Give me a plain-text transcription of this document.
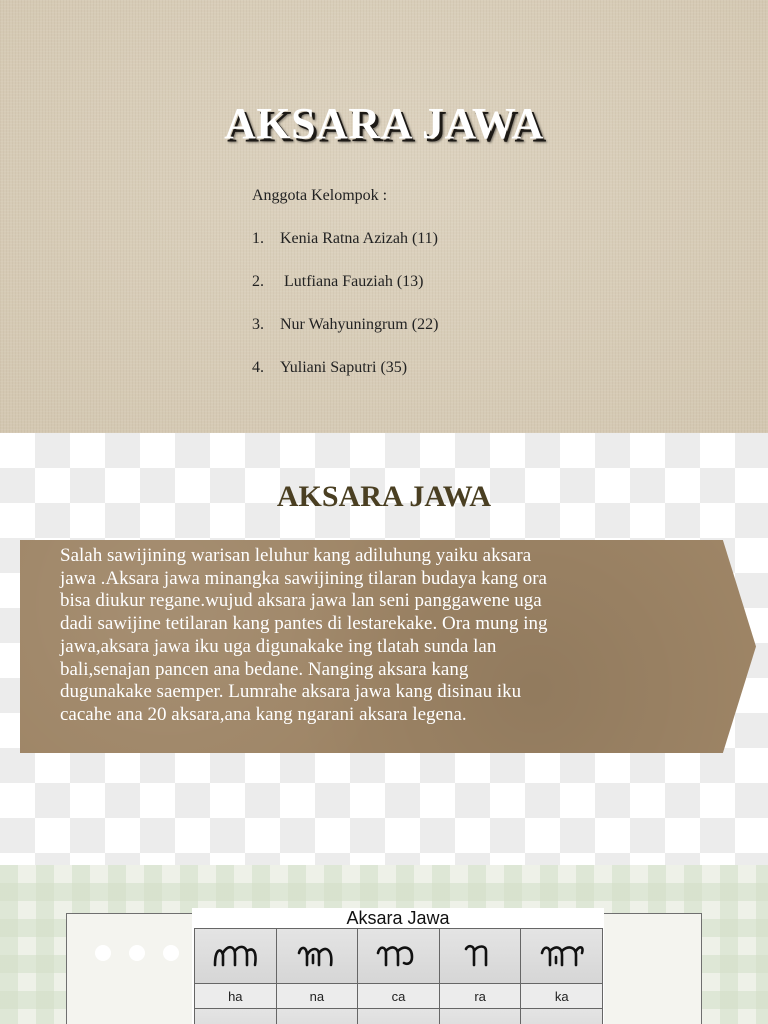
AKSARA JAWA
Anggota Kelompok :
1. Kenia Ratna Azizah (11)
2. Lutfiana Fauziah (13)
3. Nur Wahyuningrum (22)
4. Yuliani Saputri (35)
AKSARA JAWA

Salah sawijining warisan leluhur kang adiluhung yaiku aksara
jawa .Aksara jawa minangka sawijining tilaran budaya kang ora
bisa diukur regane.wujud aksara jawa lan seni panggawene uga
dadi sawijine tetilaran kang pantes di lestarekake. Ora mung ing
jawa,aksara jawa iku uga digunakake ing tlatah sunda lan
bali,senajan pancen ana bedane. Nanging aksara kang
dugunakake saemper. Lumrahe aksara jawa kang disinau iku
cacahe ana 20 aksara,ana kang ngarani aksara legena.

Aksara Jawa
ha	na	ca	ra	ka
